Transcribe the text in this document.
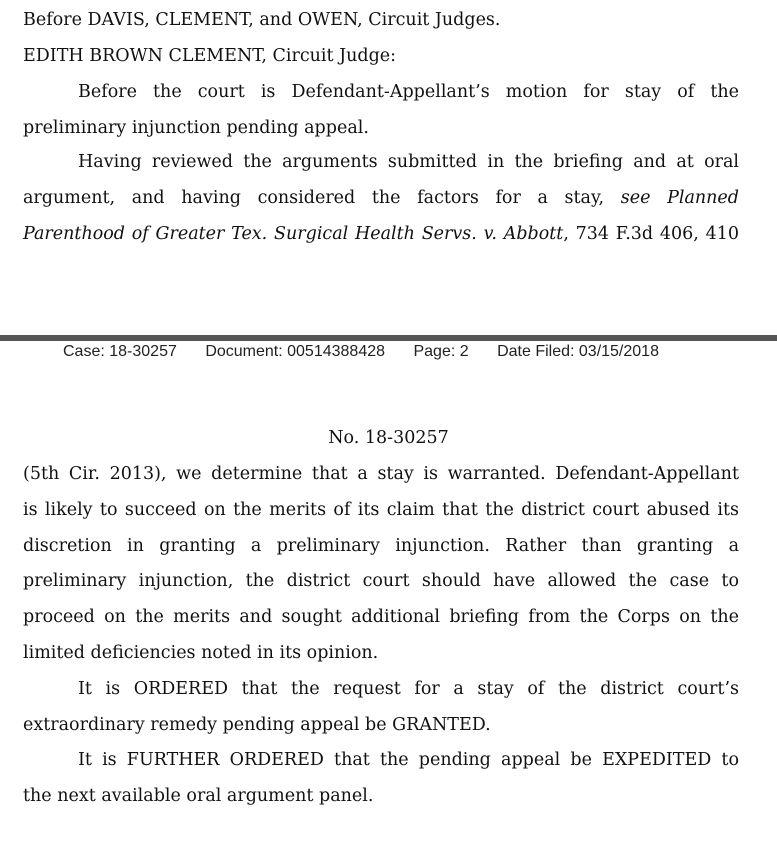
Before DAVIS, CLEMENT, and OWEN, Circuit Judges.
EDITH BROWN CLEMENT, Circuit Judge:
Before the court is Defendant-Appellant’s motion for stay of the
preliminary injunction pending appeal.
Having reviewed the arguments submitted in the briefing and at oral
argument, and having considered the factors for a stay, see Planned
Parenthood of Greater Tex. Surgical Health Servs. v. Abbott, 734 F.3d 406, 410
Case: 18-30257 Document: 00514388428 Page: 2 Date Filed: 03/15/2018
No. 18-30257
(5th Cir. 2013), we determine that a stay is warranted. Defendant-Appellant
is likely to succeed on the merits of its claim that the district court abused its
discretion in granting a preliminary injunction. Rather than granting a
preliminary injunction, the district court should have allowed the case to
proceed on the merits and sought additional briefing from the Corps on the
limited deficiencies noted in its opinion.
It is ORDERED that the request for a stay of the district court’s
extraordinary remedy pending appeal be GRANTED.
It is FURTHER ORDERED that the pending appeal be EXPEDITED to
the next available oral argument panel.
